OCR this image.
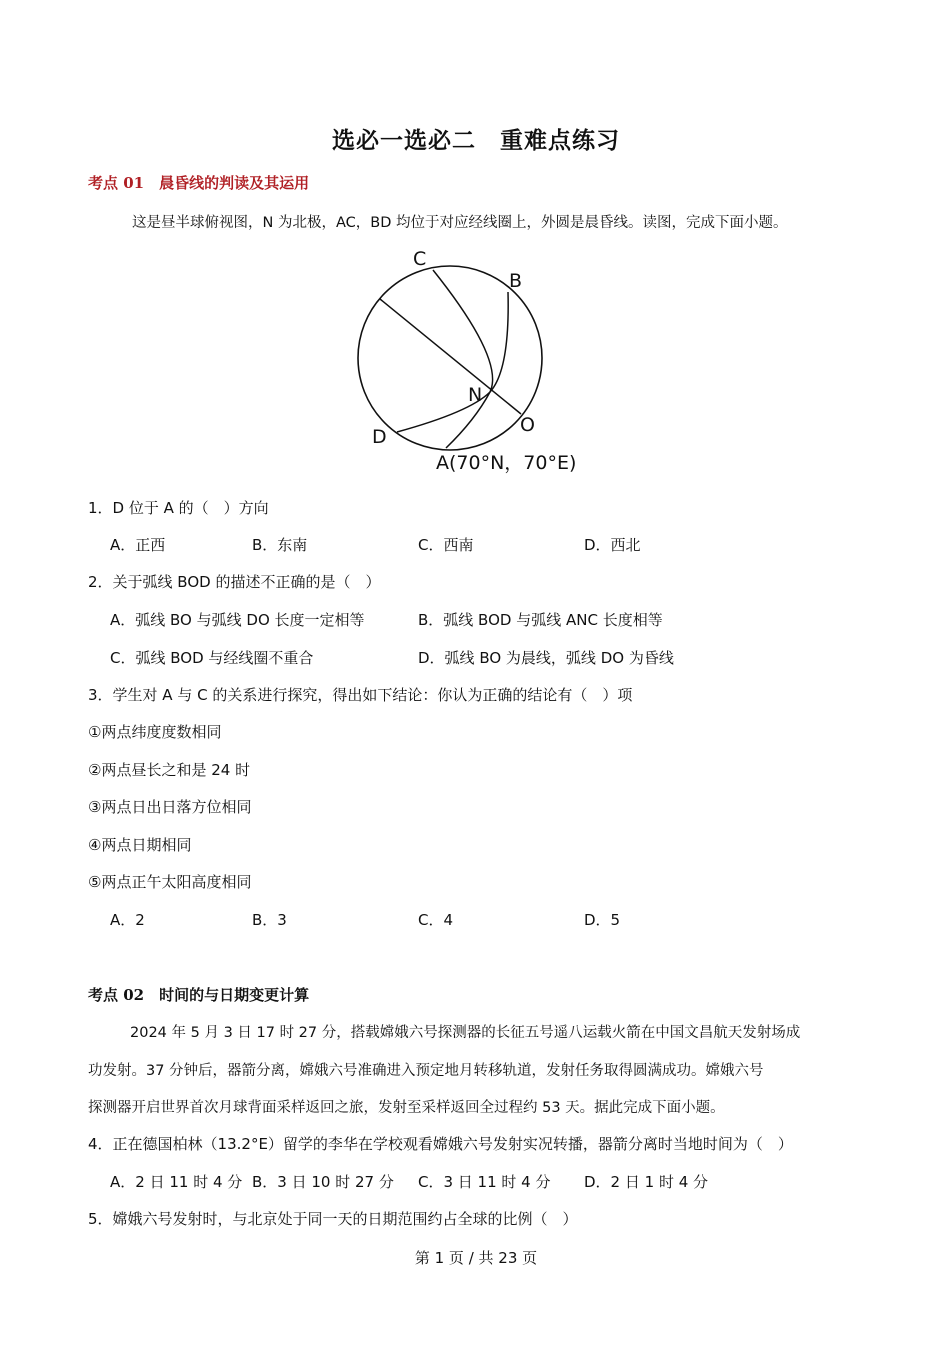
选必一选必二　重难点练习
考点 01　晨昏线的判读及其运用
这是昼半球俯视图，N 为北极，AC，BD 均位于对应经线圈上，外圆是晨昏线。读图，完成下面小题。
C
B
N
O
D
A(70°N，70°E)
1．D 位于 A 的（　）方向
A．正西	B．东南	C．西南	D．西北
2．关于弧线 BOD 的描述不正确的是（　）
A．弧线 BO 与弧线 DO 长度一定相等	B．弧线 BOD 与弧线 ANC 长度相等
C．弧线 BOD 与经线圈不重合	D．弧线 BO 为晨线，弧线 DO 为昏线
3．学生对 A 与 C 的关系进行探究，得出如下结论：你认为正确的结论有（　）项
①两点纬度度数相同
②两点昼长之和是 24 时
③两点日出日落方位相同
④两点日期相同
⑤两点正午太阳高度相同
A．2	B．3	C．4	D．5
考点 02　时间的与日期变更计算
2024 年 5 月 3 日 17 时 27 分，搭载嫦娥六号探测器的长征五号遥八运载火箭在中国文昌航天发射场成
功发射。37 分钟后，器箭分离，嫦娥六号准确进入预定地月转移轨道，发射任务取得圆满成功。嫦娥六号
探测器开启世界首次月球背面采样返回之旅，发射至采样返回全过程约 53 天。据此完成下面小题。
4．正在德国柏林（13.2°E）留学的李华在学校观看嫦娥六号发射实况转播，器箭分离时当地时间为（　）
A．2 日 11 时 4 分 B．3 日 10 时 27 分 C．3 日 11 时 4 分 D．2 日 1 时 4 分
5．嫦娥六号发射时，与北京处于同一天的日期范围约占全球的比例（　）
第 1 页 / 共 23 页
